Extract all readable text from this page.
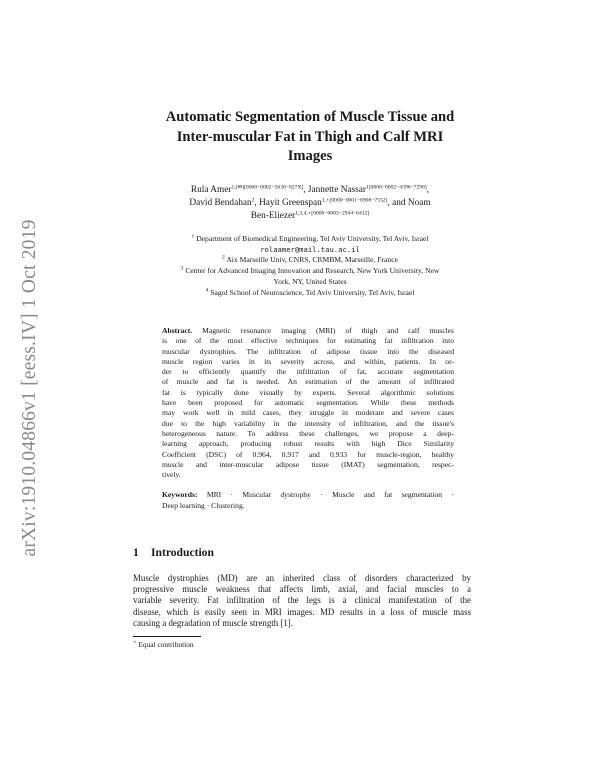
arXiv:1910.04866v1 [eess.IV] 1 Oct 2019
Automatic Segmentation of Muscle Tissue and
Inter-muscular Fat in Thigh and Calf MRI
Images
Rula Amer$^{1,(✉)[0000-0002-5630-827X]}$, Jannette Nassar$^{1[0000-0002-4396-7298]}$,
David Bendahan$^2$, Hayit Greenspan$^{1,⋆[0000-0001-6908-7552]}$, and Noam
Ben-Eliezer$^{1,3,4,⋆[0000-0003-2944-6412]}$
$^1$ Department of Biomedical Engineering, Tel Aviv University, Tel Aviv, Israel
rolaamer@mail.tau.ac.il
$^2$ Aix Marseille Univ, CNRS, CRMBM, Marseille, France
$^3$ Center for Advanced Imaging Innovation and Research, New York University, New
York, NY, United States
$^4$ Sagol School of Neuroscience, Tel Aviv University, Tel Aviv, Israel
Abstract. Magnetic resonance imaging (MRI) of thigh and calf muscles
is one of the most effective techniques for estimating fat infiltration into
muscular dystrophies. The infiltration of adipose tissue into the diseased
muscle region varies in its severity across, and within, patients. In or-
der to efficiently quantify the infiltration of fat, accurate segmentation
of muscle and fat is needed. An estimation of the amount of infiltrated
fat is typically done visually by experts. Several algorithmic solutions
have been proposed for automatic segmentation. While these methods
may work well in mild cases, they struggle in moderate and severe cases
due to the high variability in the intensity of infiltration, and the tissue's
heterogeneous nature. To address these challenges, we propose a deep-
learning approach, producing robust results with high Dice Similarity
Coefficient (DSC) of 0.964, 0.917 and 0.933 for muscle-region, healthy
muscle and inter-muscular adipose tissue (IMAT) segmentation, respec-
tively.
Keywords: MRI · Muscular dystrophy · Muscle and fat segmentation ·
Deep learning · Clustering.
1 Introduction
Muscle dystrophies (MD) are an inherited class of disorders characterized by
progressive muscle weakness that affects limb, axial, and facial muscles to a
variable severity. Fat infiltration of the legs is a clinical manifestation of the
disease, which is easily seen in MRI images. MD results in a loss of muscle mass
causing a degradation of muscle strength [1].
⋆ Equal contribution
